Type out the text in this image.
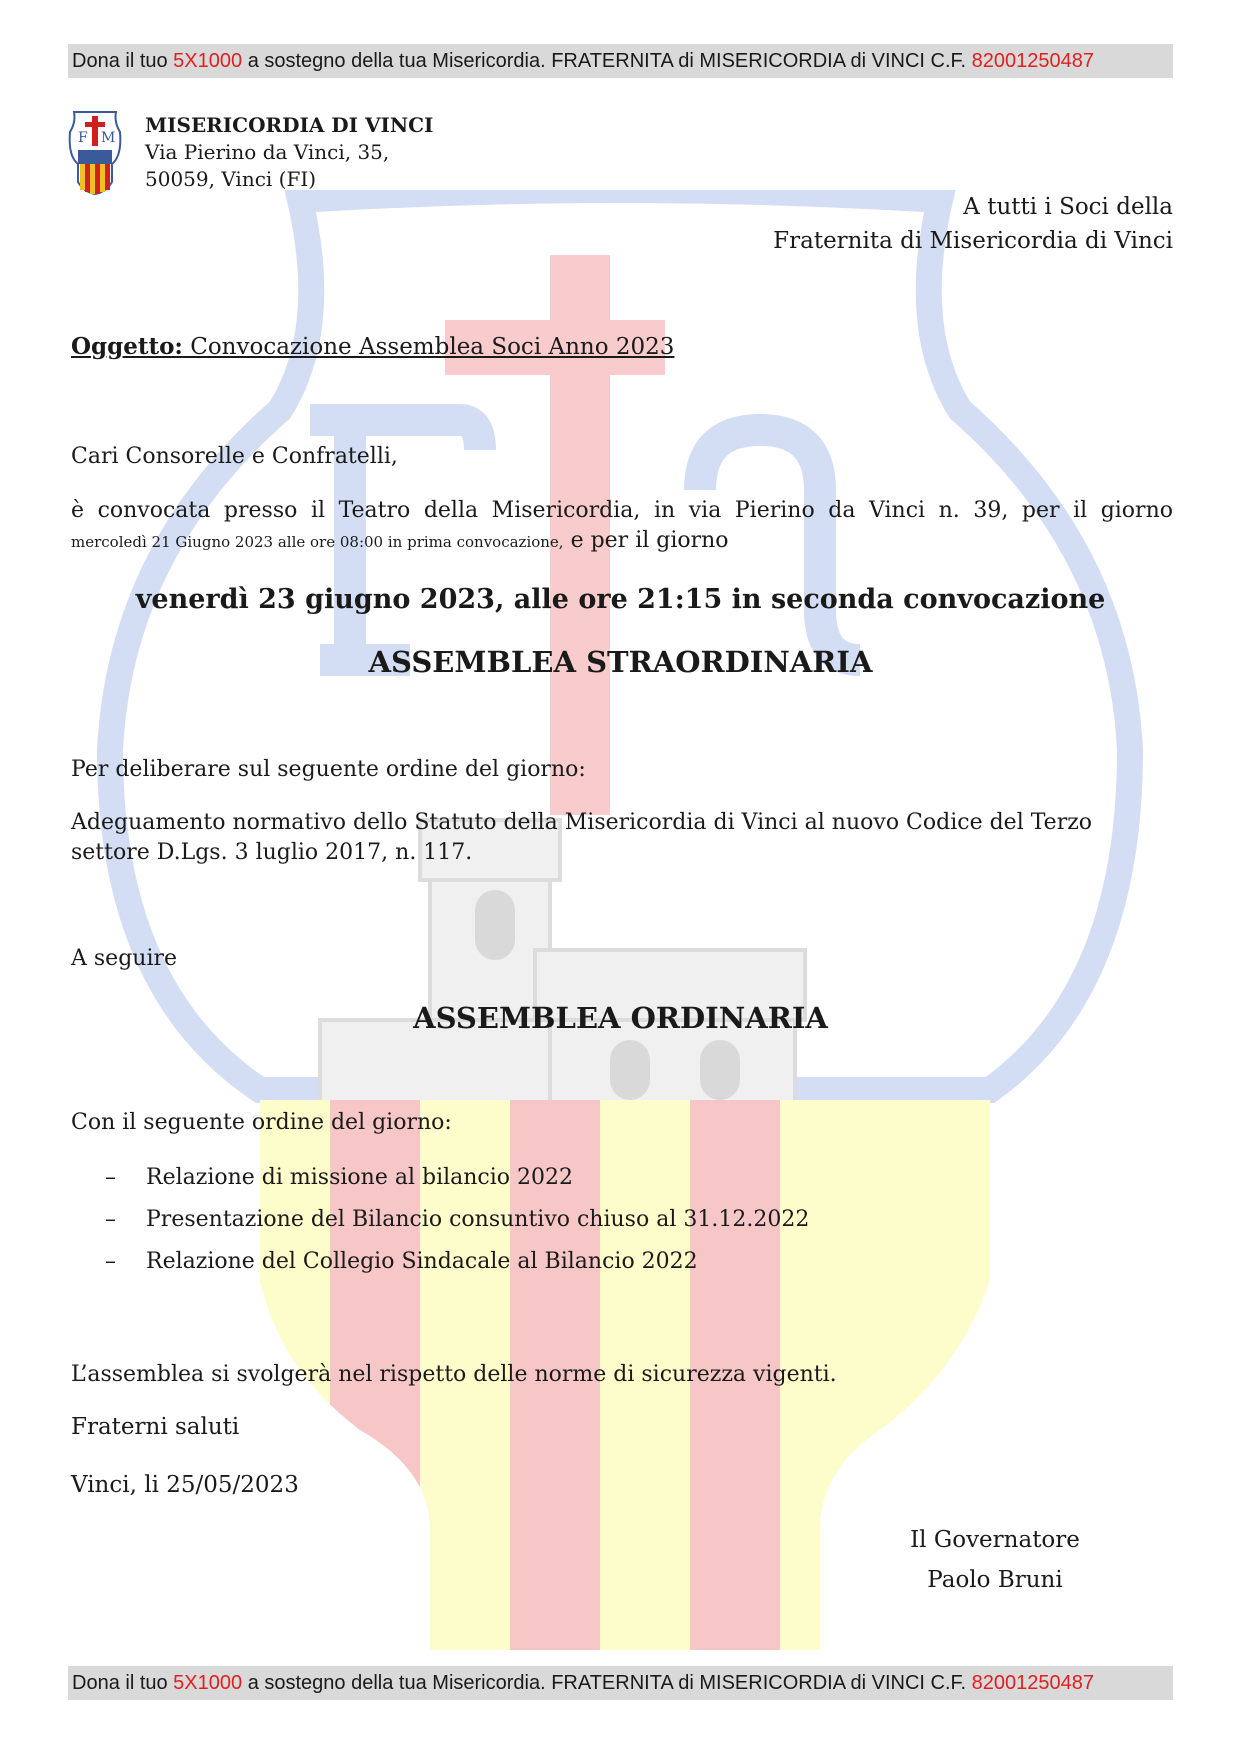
Dona il tuo 5X1000 a sostegno della tua Misericordia. FRATERNITA di MISERICORDIA di VINCI C.F. 82001250487
F M
MISERICORDIA DI VINCI
Via Pierino da Vinci, 35,
50059, Vinci (FI)
A tutti i Soci della
Fraternita di Misericordia di Vinci
Oggetto: Convocazione Assemblea Soci Anno 2023
Cari Consorelle e Confratelli,
è convocata presso il Teatro della Misericordia, in via Pierino da Vinci n. 39, per il giorno
mercoledì 21 Giugno 2023 alle ore 08:00 in prima convocazione, e per il giorno
venerdì 23 giugno 2023, alle ore 21:15 in seconda convocazione
ASSEMBLEA STRAORDINARIA
Per deliberare sul seguente ordine del giorno:
Adeguamento normativo dello Statuto della Misericordia di Vinci al nuovo Codice del Terzo settore D.Lgs. 3 luglio 2017, n. 117.
A seguire
ASSEMBLEA ORDINARIA
Con il seguente ordine del giorno:
– Relazione di missione al bilancio 2022
– Presentazione del Bilancio consuntivo chiuso al 31.12.2022
– Relazione del Collegio Sindacale al Bilancio 2022
L’assemblea si svolgerà nel rispetto delle norme di sicurezza vigenti.
Fraterni saluti
Vinci, li 25/05/2023
Il Governatore
Paolo Bruni
Dona il tuo 5X1000 a sostegno della tua Misericordia. FRATERNITA di MISERICORDIA di VINCI C.F. 82001250487
